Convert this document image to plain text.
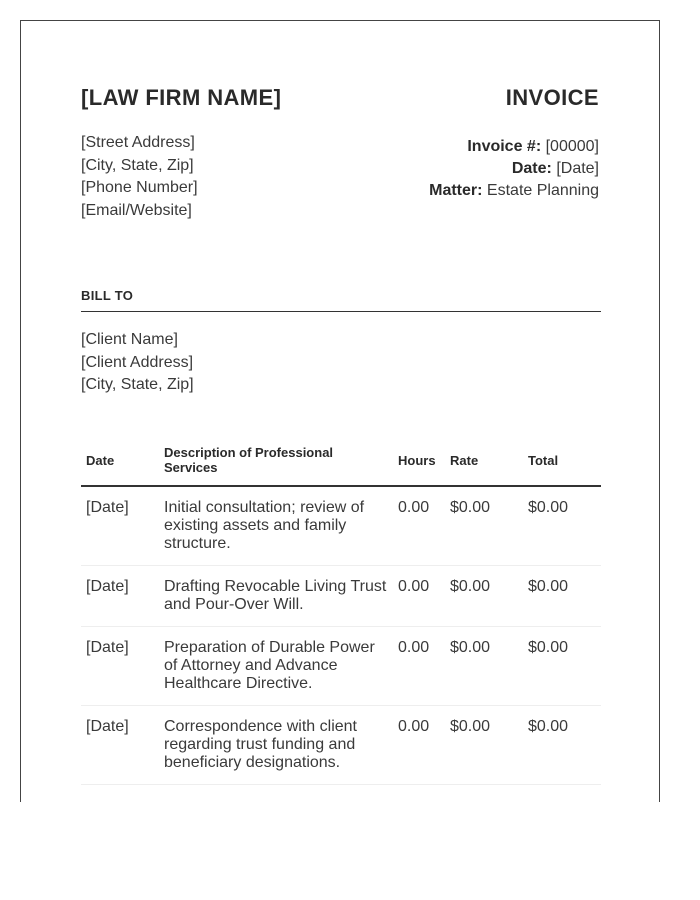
[LAW FIRM NAME]	INVOICE
[Street Address]
[City, State, Zip]
[Phone Number]
[Email/Website]
Invoice #: [00000]
Date: [Date]
Matter: Estate Planning
BILL TO
[Client Name]
[Client Address]
[City, State, Zip]
Date	Description of Professional Services	Hours	Rate	Total
[Date]	Initial consultation; review of existing assets and family structure.	0.00	$0.00	$0.00
[Date]	Drafting Revocable Living Trust and Pour-Over Will.	0.00	$0.00	$0.00
[Date]	Preparation of Durable Power of Attorney and Advance Healthcare Directive.	0.00	$0.00	$0.00
[Date]	Correspondence with client regarding trust funding and beneficiary designations.	0.00	$0.00	$0.00
